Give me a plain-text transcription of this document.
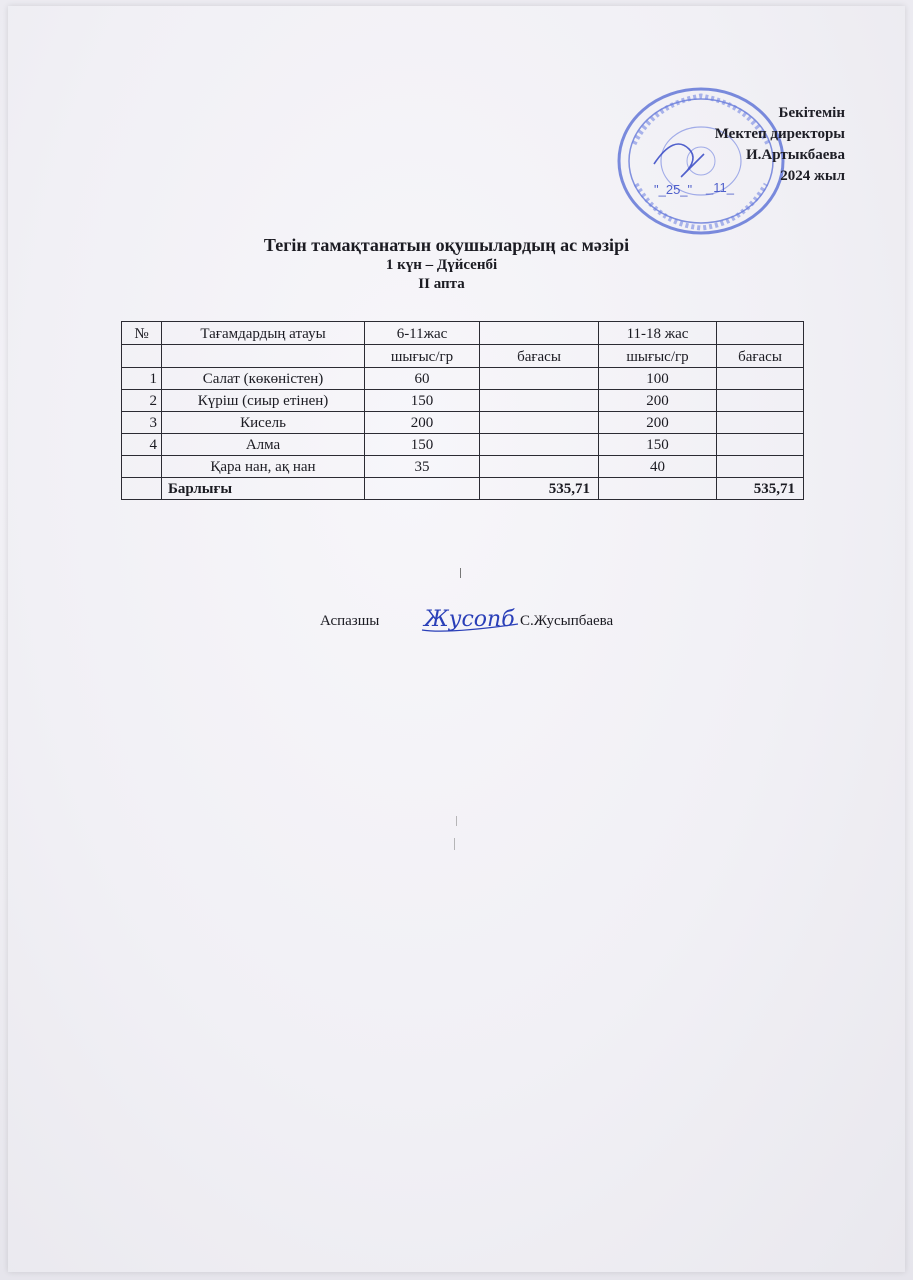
"_25_" _11_
Бекітемін
Мектеп директоры
И.Артыкбаева
2024 жыл
Тегін тамақтанатын оқушылардың ас мәзірі
1 күн – Дүйсенбі
ІІ апта
№	Тағамдардың атауы	6-11жас		11-18 жас	
		шығыс/гр	бағасы	шығыс/гр	бағасы
1	Салат (көкөністен)	60		100	
2	Күріш (сиыр етінен)	150		200	
3	Кисель	200		200	
4	Алма	150		150	
	Қара нан, ақ нан	35		40	
	Барлығы		535,71		535,71
Аспазшы Жусопб С.Жусыпбаева
